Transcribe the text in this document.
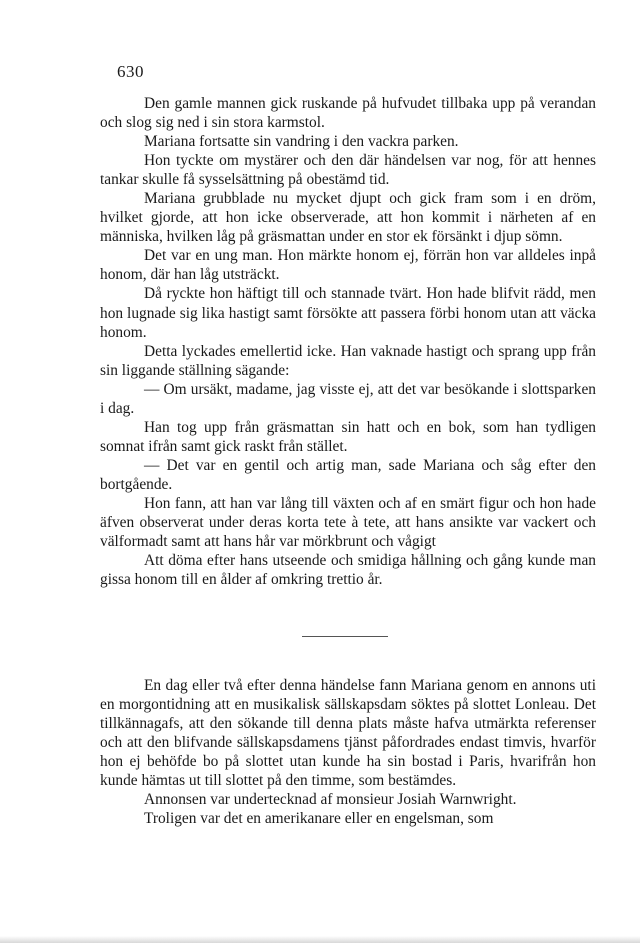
630

Den gamle mannen gick ruskande på hufvudet tillbaka upp på verandan och slog sig ned i sin stora karmstol.

Mariana fortsatte sin vandring i den vackra parken.

Hon tyckte om mystärer och den där händelsen var nog, för att hennes tankar skulle få sysselsättning på obestämd tid.

Mariana grubblade nu mycket djupt och gick fram som i en dröm, hvilket gjorde, att hon icke observerade, att hon kommit i närheten af en människa, hvilken låg på gräsmattan under en stor ek försänkt i djup sömn.

Det var en ung man. Hon märkte honom ej, förrän hon var alldeles inpå honom, där han låg utsträckt.

Då ryckte hon häftigt till och stannade tvärt. Hon hade blifvit rädd, men hon lugnade sig lika hastigt samt försökte att passera förbi honom utan att väcka honom.

Detta lyckades emellertid icke. Han vaknade hastigt och sprang upp från sin liggande ställning sägande:

— Om ursäkt, madame, jag visste ej, att det var besökande i slottsparken i dag.

Han tog upp från gräsmattan sin hatt och en bok, som han tydligen somnat ifrån samt gick raskt från stället.

— Det var en gentil och artig man, sade Mariana och såg efter den bortgående.

Hon fann, att han var lång till växten och af en smärt figur och hon hade äfven observerat under deras korta tete à tete, att hans ansikte var vackert och välformadt samt att hans hår var mörkbrunt och vågigt

Att döma efter hans utseende och smidiga hållning och gång kunde man gissa honom till en ålder af omkring trettio år.

En dag eller två efter denna händelse fann Mariana genom en annons uti en morgontidning att en musikalisk sällskapsdam söktes på slottet Lonleau. Det tillkännagafs, att den sökande till denna plats måste hafva utmärkta referenser och att den blifvande sällskapsdamens tjänst påfordrades endast timvis, hvarför hon ej behöfde bo på slottet utan kunde ha sin bostad i Paris, hvarifrån hon kunde hämtas ut till slottet på den timme, som bestämdes.

Annonsen var undertecknad af monsieur Josiah Warnwright.

Troligen var det en amerikanare eller en engelsman, som
